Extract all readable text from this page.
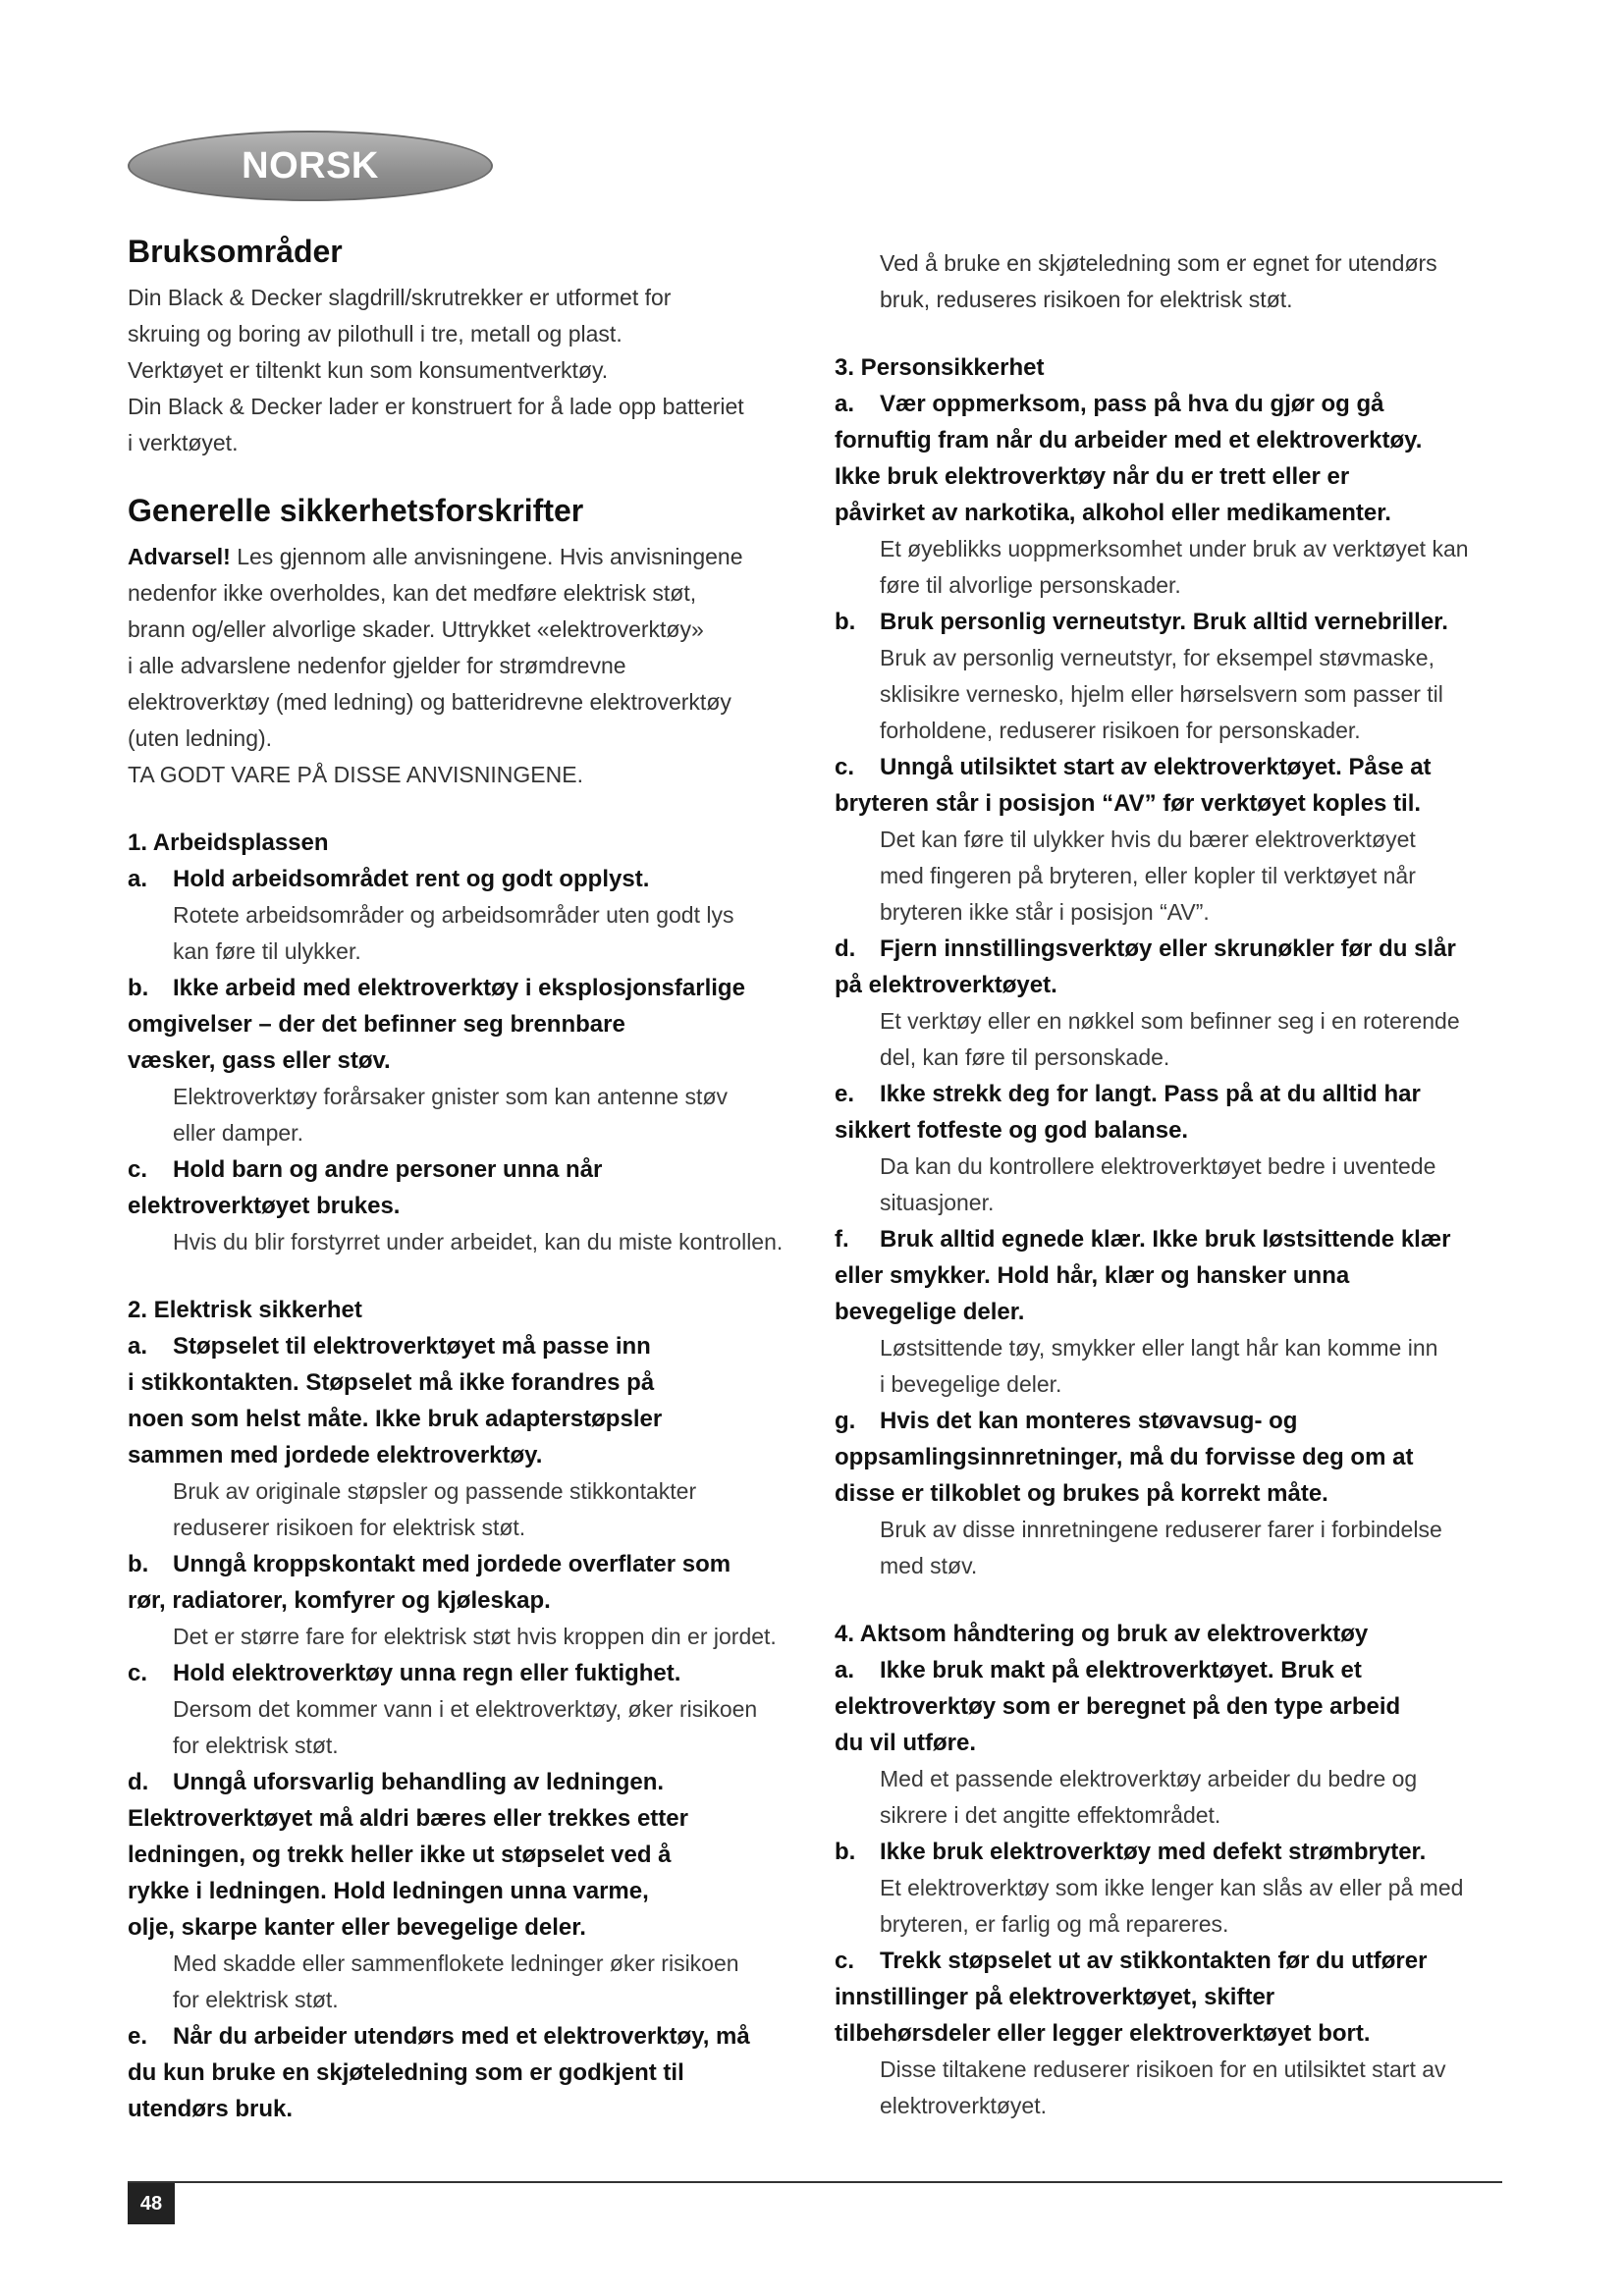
NORSK
Bruksområder

Din Black & Decker slagdrill/skrutrekker er utformet for

skruing og boring av pilothull i tre, metall og plast.

Verktøyet er tiltenkt kun som konsumentverktøy.

Din Black & Decker lader er konstruert for å lade opp batteriet

i verktøyet.

Generelle sikkerhetsforskrifter

Advarsel! Les gjennom alle anvisningene. Hvis anvisningene

nedenfor ikke overholdes, kan det medføre elektrisk støt,

brann og/eller alvorlige skader. Uttrykket «elektroverktøy»

i alle advarslene nedenfor gjelder for strømdrevne

elektroverktøy (med ledning) og batteridrevne elektroverktøy

(uten ledning).

TA GODT VARE PÅ DISSE ANVISNINGENE.

1. Arbeidsplassen

a. Hold arbeidsområdet rent og godt opplyst.

Rotete arbeidsområder og arbeidsområder uten godt lys

kan føre til ulykker.

b. Ikke arbeid med elektroverktøy i eksplosjonsfarlige

omgivelser – der det befinner seg brennbare

væsker, gass eller støv.

Elektroverktøy forårsaker gnister som kan antenne støv

eller damper.

c. Hold barn og andre personer unna når

elektroverktøyet brukes.

Hvis du blir forstyrret under arbeidet, kan du miste kontrollen.

2. Elektrisk sikkerhet

a. Støpselet til elektroverktøyet må passe inn

i stikkontakten. Støpselet må ikke forandres på

noen som helst måte. Ikke bruk adapterstøpsler

sammen med jordede elektroverktøy.

Bruk av originale støpsler og passende stikkontakter

reduserer risikoen for elektrisk støt.

b. Unngå kroppskontakt med jordede overflater som

rør, radiatorer, komfyrer og kjøleskap.

Det er større fare for elektrisk støt hvis kroppen din er jordet.

c. Hold elektroverktøy unna regn eller fuktighet.

Dersom det kommer vann i et elektroverktøy, øker risikoen

for elektrisk støt.

d. Unngå uforsvarlig behandling av ledningen.

Elektroverktøyet må aldri bæres eller trekkes etter

ledningen, og trekk heller ikke ut støpselet ved å

rykke i ledningen. Hold ledningen unna varme,

olje, skarpe kanter eller bevegelige deler.

Med skadde eller sammenflokete ledninger øker risikoen

for elektrisk støt.

e. Når du arbeider utendørs med et elektroverktøy, må

du kun bruke en skjøteledning som er godkjent til

utendørs bruk.

Ved å bruke en skjøteledning som er egnet for utendørs

bruk, reduseres risikoen for elektrisk støt.

3. Personsikkerhet

a. Vær oppmerksom, pass på hva du gjør og gå

fornuftig fram når du arbeider med et elektroverktøy.

Ikke bruk elektroverktøy når du er trett eller er

påvirket av narkotika, alkohol eller medikamenter.

Et øyeblikks uoppmerksomhet under bruk av verktøyet kan

føre til alvorlige personskader.

b. Bruk personlig verneutstyr. Bruk alltid vernebriller.

Bruk av personlig verneutstyr, for eksempel støvmaske,

sklisikre vernesko, hjelm eller hørselsvern som passer til

forholdene, reduserer risikoen for personskader.

c. Unngå utilsiktet start av elektroverktøyet. Påse at

bryteren står i posisjon “AV” før verktøyet koples til.

Det kan føre til ulykker hvis du bærer elektroverktøyet

med fingeren på bryteren, eller kopler til verktøyet når

bryteren ikke står i posisjon “AV”.

d. Fjern innstillingsverktøy eller skrunøkler før du slår

på elektroverktøyet.

Et verktøy eller en nøkkel som befinner seg i en roterende

del, kan føre til personskade.

e. Ikke strekk deg for langt. Pass på at du alltid har

sikkert fotfeste og god balanse.

Da kan du kontrollere elektroverktøyet bedre i uventede

situasjoner.

f. Bruk alltid egnede klær. Ikke bruk løstsittende klær

eller smykker. Hold hår, klær og hansker unna

bevegelige deler.

Løstsittende tøy, smykker eller langt hår kan komme inn

i bevegelige deler.

g. Hvis det kan monteres støvavsug- og

oppsamlingsinnretninger, må du forvisse deg om at

disse er tilkoblet og brukes på korrekt måte.

Bruk av disse innretningene reduserer farer i forbindelse

med støv.

4. Aktsom håndtering og bruk av elektroverktøy

a. Ikke bruk makt på elektroverktøyet. Bruk et

elektroverktøy som er beregnet på den type arbeid

du vil utføre.

Med et passende elektroverktøy arbeider du bedre og

sikrere i det angitte effektområdet.

b. Ikke bruk elektroverktøy med defekt strømbryter.

Et elektroverktøy som ikke lenger kan slås av eller på med

bryteren, er farlig og må repareres.

c. Trekk støpselet ut av stikkontakten før du utfører

innstillinger på elektroverktøyet, skifter

tilbehørsdeler eller legger elektroverktøyet bort.

Disse tiltakene reduserer risikoen for en utilsiktet start av

elektroverktøyet.

48
